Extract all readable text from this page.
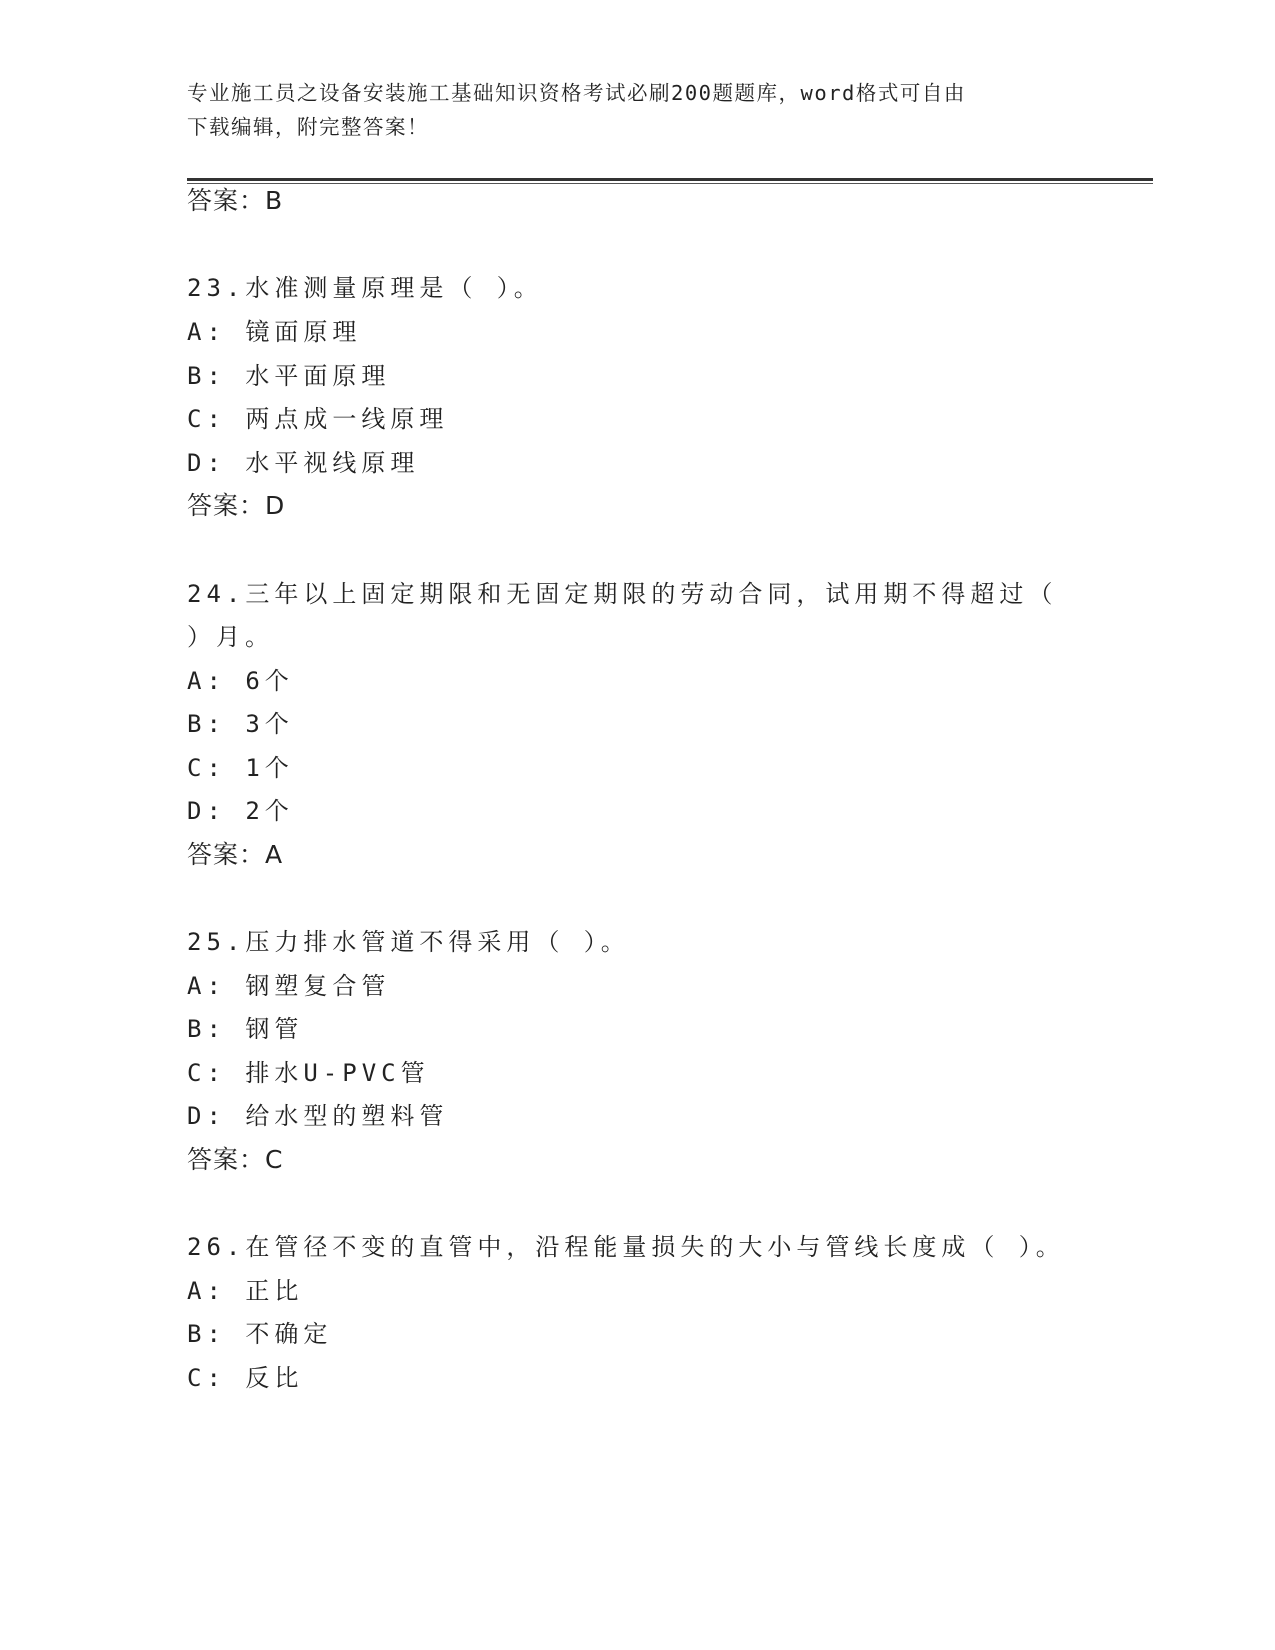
专业施工员之设备安装施工基础知识资格考试必刷200题题库，word格式可自由
下载编辑，附完整答案！
答案：B
23.水准测量原理是（ ）。
A: 镜面原理
B: 水平面原理
C: 两点成一线原理
D: 水平视线原理
答案：D
24.三年以上固定期限和无固定期限的劳动合同，试用期不得超过（
）月。
A: 6个
B: 3个
C: 1个
D: 2个
答案：A
25.压力排水管道不得采用（ ）。
A: 钢塑复合管
B: 钢管
C: 排水U-PVC管
D: 给水型的塑料管
答案：C
26.在管径不变的直管中，沿程能量损失的大小与管线长度成（ ）。
A: 正比
B: 不确定
C: 反比
